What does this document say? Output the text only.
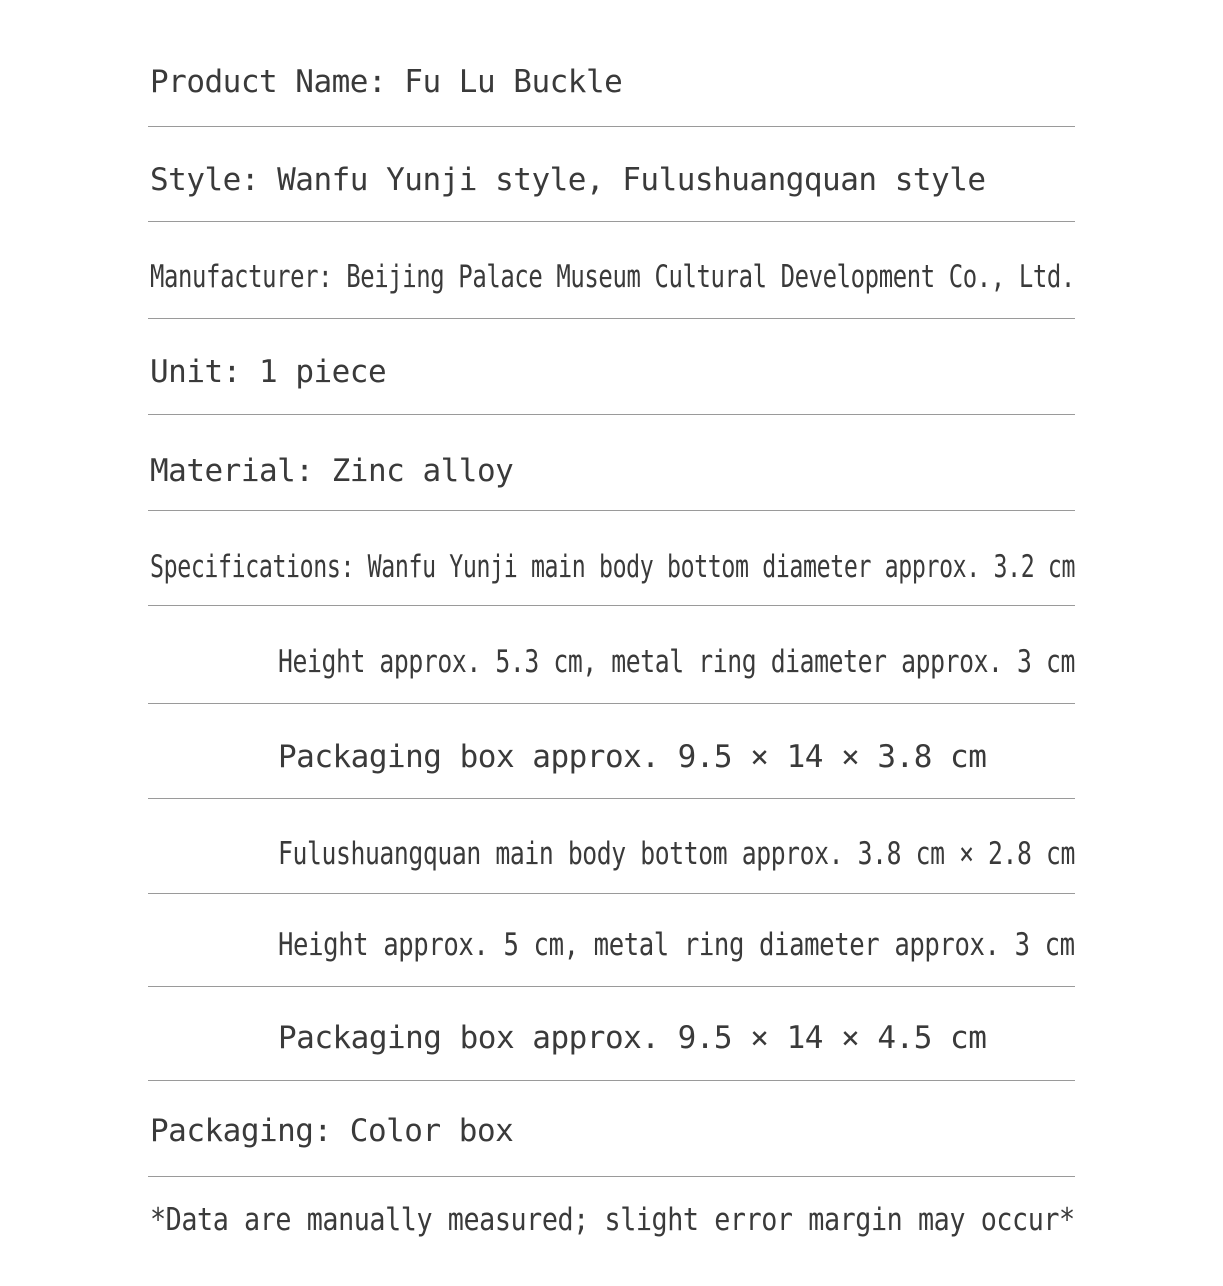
Product Name: Fu Lu Buckle
Style: Wanfu Yunji style, Fulushuangquan style
Manufacturer: Beijing Palace Museum Cultural Development Co., Ltd.
Unit: 1 piece
Material: Zinc alloy
Specifications: Wanfu Yunji main body bottom diameter approx. 3.2 cm
Height approx. 5.3 cm, metal ring diameter approx. 3 cm
Packaging box approx. 9.5 × 14 × 3.8 cm
Fulushuangquan main body bottom approx. 3.8 cm × 2.8 cm
Height approx. 5 cm, metal ring diameter approx. 3 cm
Packaging box approx. 9.5 × 14 × 4.5 cm
Packaging: Color box
*Data are manually measured; slight error margin may occur*
